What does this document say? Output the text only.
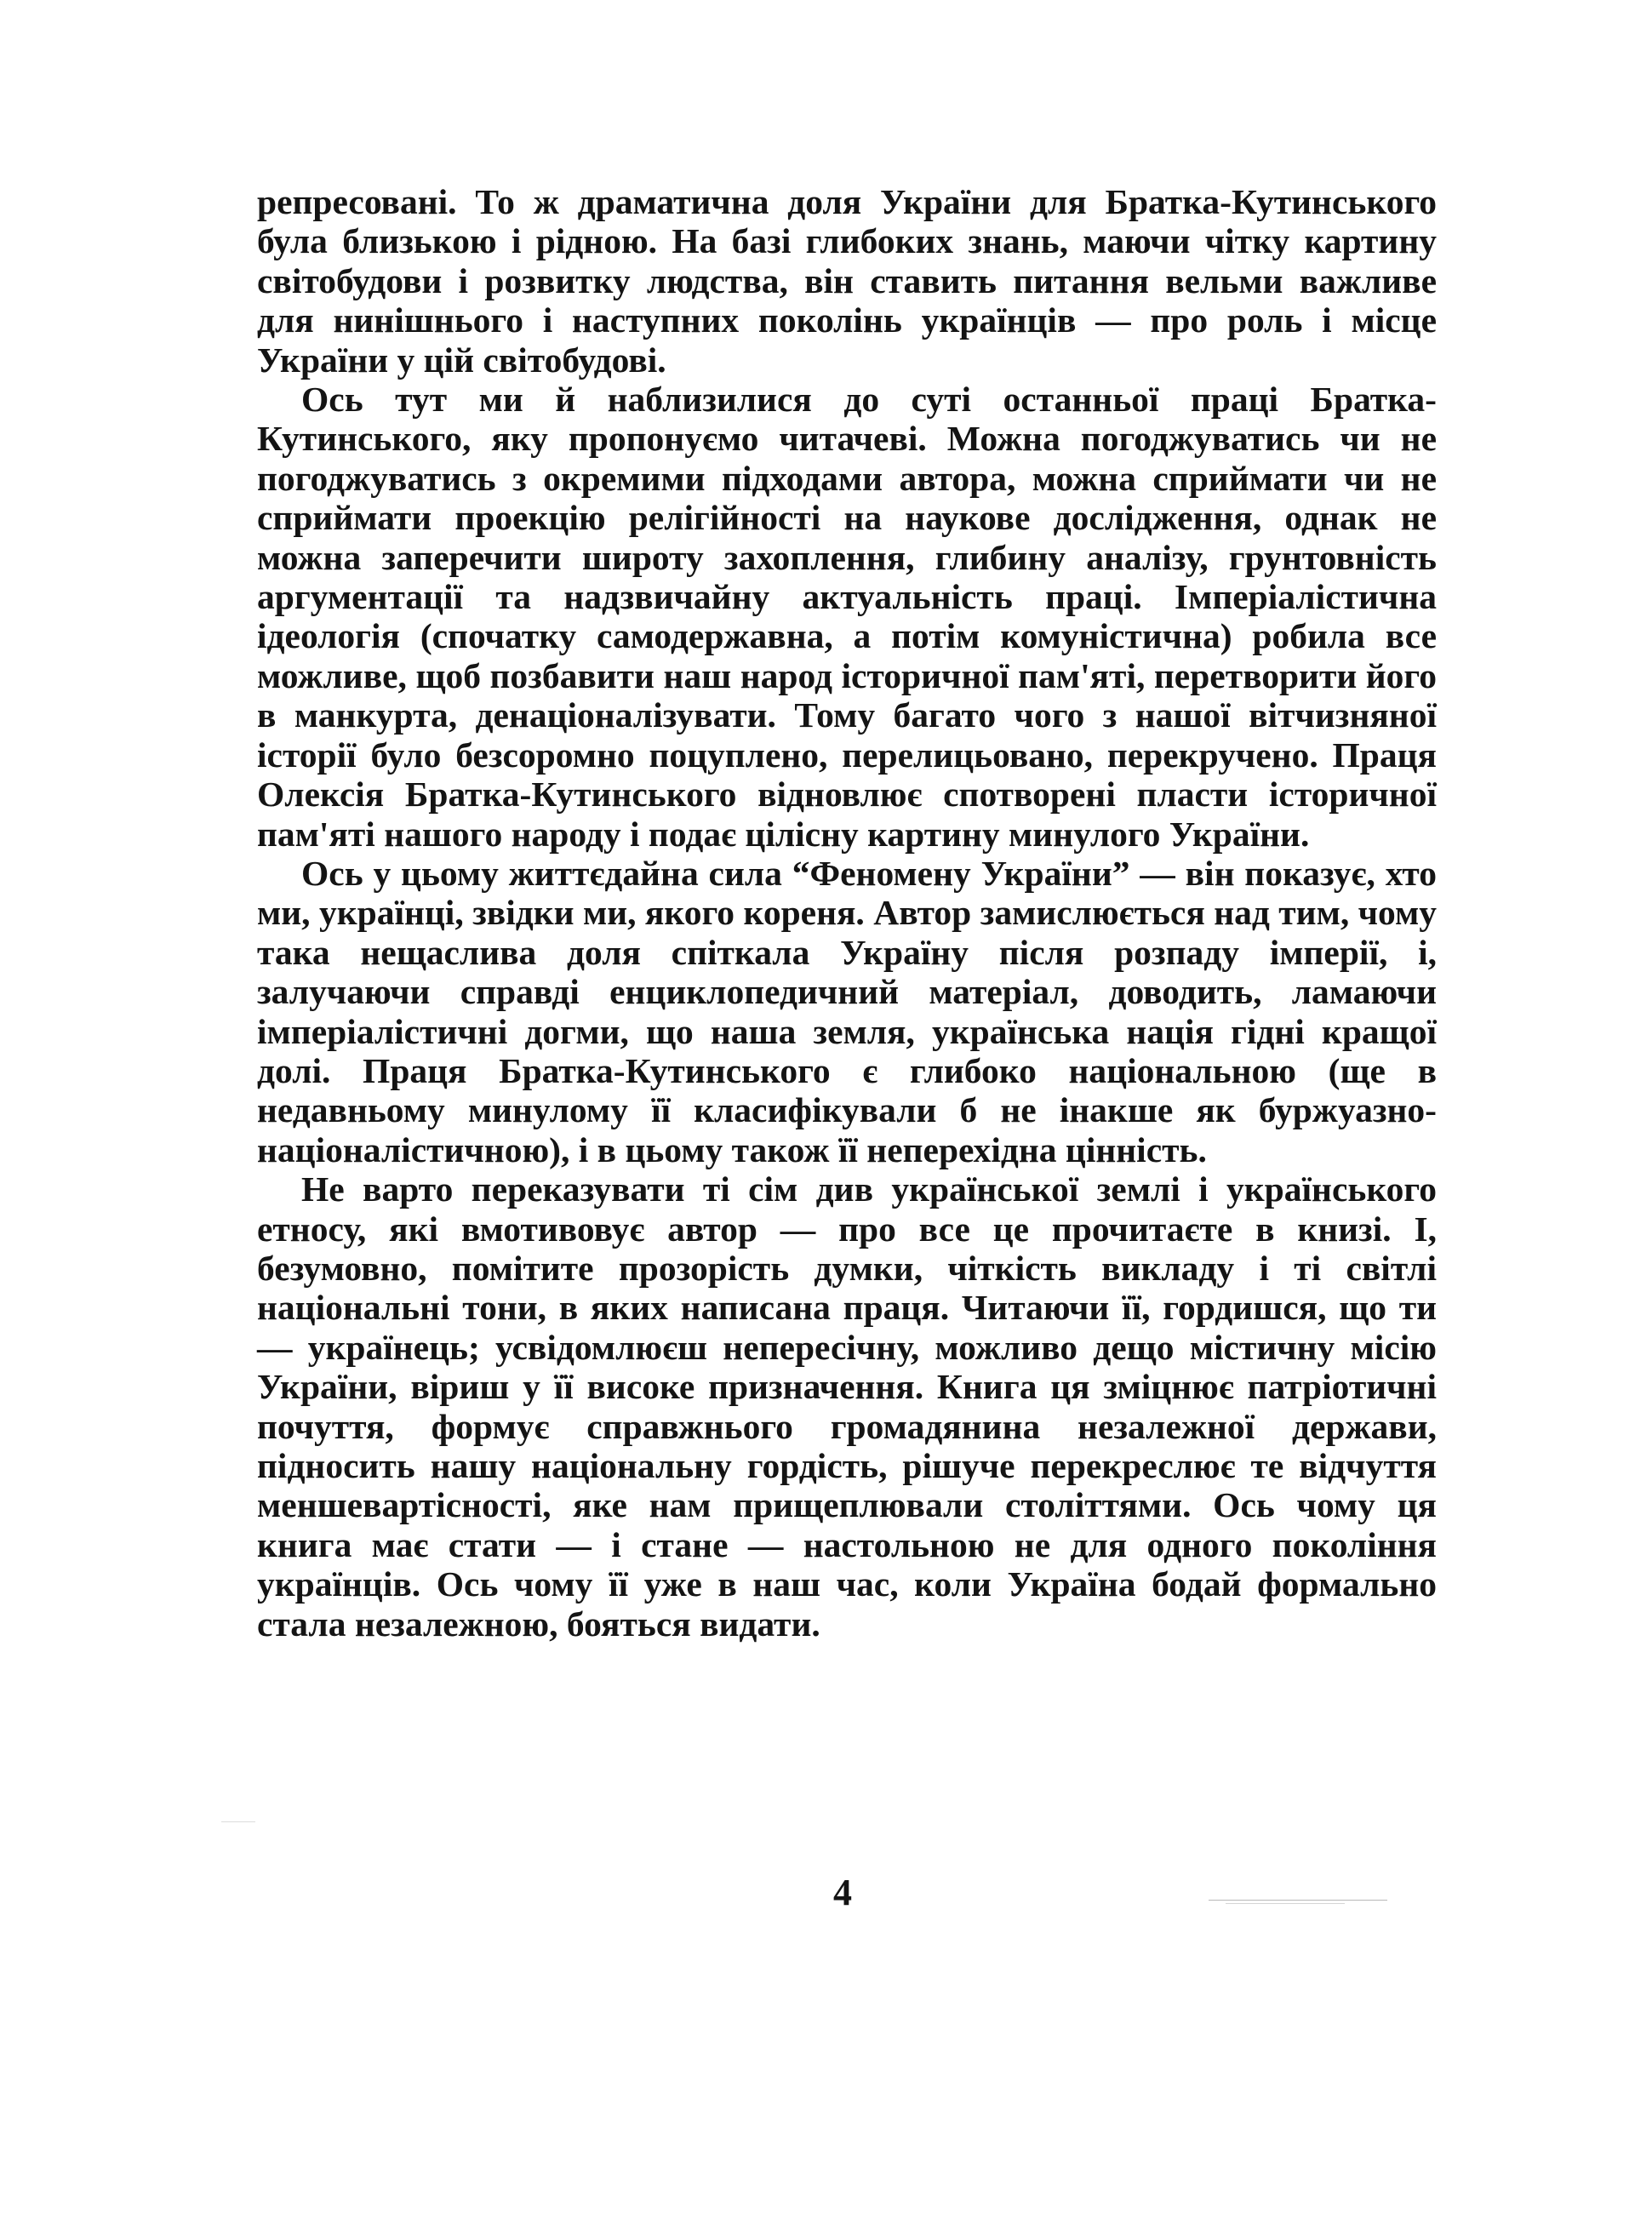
репресовані. То ж драматична доля України для Братка-Кутинського була близькою і рідною. На базі глибоких знань, маючи чітку картину світобудови і розвитку людства, він ставить питання вельми важливе для нинішнього і наступних поколінь українців — про роль і місце України у цій світобудові.

Ось тут ми й наблизилися до суті останньої праці Братка-Кутинського, яку пропонуємо читачеві. Можна погоджуватись чи не погоджуватись з окремими підходами автора, можна сприймати чи не сприймати проекцію релігійності на наукове дослідження, однак не можна заперечити широту захоплення, глибину аналізу, грунтовність аргументації та надзвичайну актуальність праці. Імперіалістична ідеологія (спочатку самодержавна, а потім комуністична) робила все можливе, щоб позбавити наш народ історичної пам'яті, перетворити його в манкурта, денаціоналізувати. Тому багато чого з нашої вітчизняної історії було безсоромно поцуплено, перелицьовано, перекручено. Праця Олексія Братка-Кутинського відновлює спотворені пласти історичної пам'яті нашого народу і подає цілісну картину минулого України.

Ось у цьому життєдайна сила “Феномену України” — він показує, хто ми, українці, звідки ми, якого кореня. Автор замислюється над тим, чому така нещаслива доля спіткала Україну після розпаду імперії, і, залучаючи справді енциклопедичний матеріал, доводить, ламаючи імперіалістичні догми, що наша земля, українська нація гідні кращої долі. Праця Братка-Кутинського є глибоко національною (ще в недавньому минулому її класифікували б не інакше як буржуазно-націоналістичною), і в цьому також її неперехідна цінність.

Не варто переказувати ті сім див української землі і українського етносу, які вмотивовує автор — про все це прочитаєте в книзі. І, безумовно, помітите прозорість думки, чіткість викладу і ті світлі національні тони, в яких написана праця. Читаючи її, гордишся, що ти — українець; усвідомлюєш непересічну, можливо дещо містичну місію України, віриш у її високе призначення. Книга ця зміцнює патріотичні почуття, формує справжнього громадянина незалежної держави, підносить нашу національну гордість, рішуче перекреслює те відчуття меншевартісності, яке нам прищеплювали століттями. Ось чому ця книга має стати — і стане — настольною не для одного покоління українців. Ось чому її уже в наш час, коли Україна бодай формально стала незалежною, бояться видати.

4
